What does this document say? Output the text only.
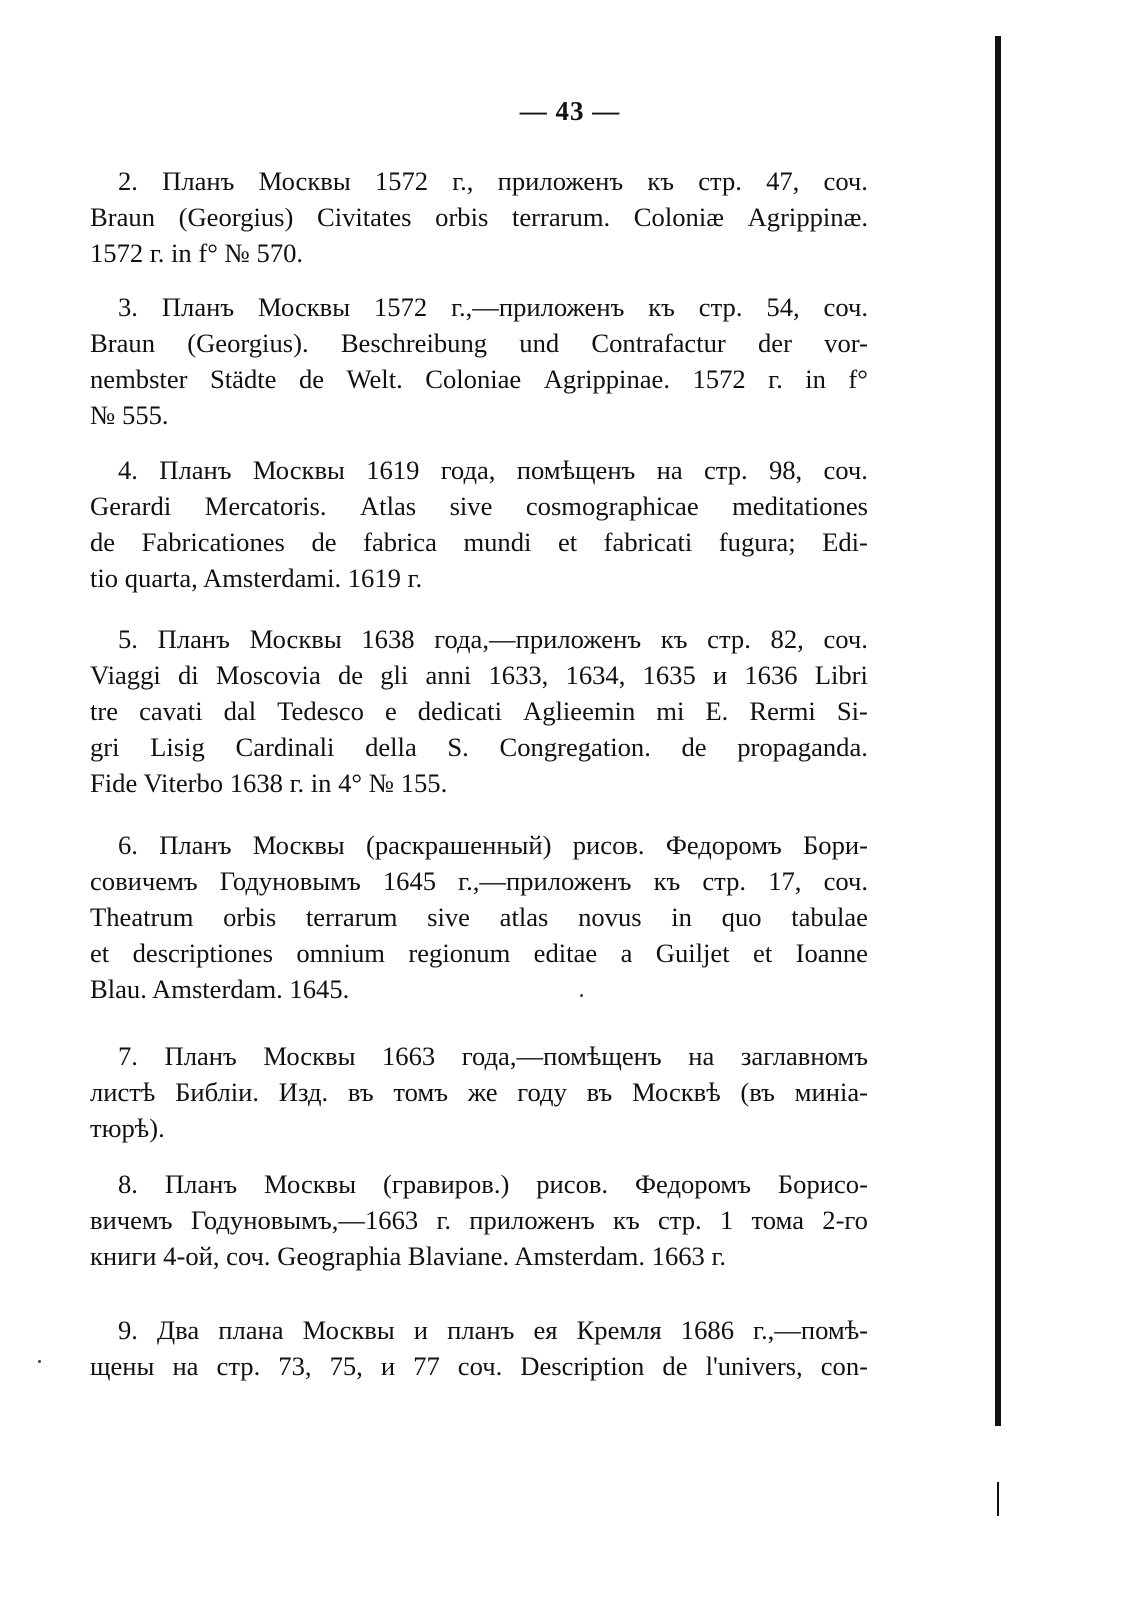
— 43 —
2. Планъ Москвы 1572 г., приложенъ къ стр. 47, соч.
Braun (Georgius) Civitates orbis terrarum. Coloniæ Agrippinæ.
1572 г. in f° № 570.
3. Планъ Москвы 1572 г.,—приложенъ къ стр. 54, соч.
Braun (Georgius). Beschreibung und Contrafactur der vor-
nembster Städte de Welt. Coloniae Agrippinae. 1572 г. in f°
№ 555.
4. Планъ Москвы 1619 года, помѣщенъ на стр. 98, соч.
Gerardi Mercatoris. Atlas sive cosmographicae meditationes
de Fabricationes de fabrica mundi et fabricati fugura; Edi-
tio quarta, Amsterdami. 1619 г.
5. Планъ Москвы 1638 года,—приложенъ къ стр. 82, соч.
Viaggi di Moscovia de gli anni 1633, 1634, 1635 и 1636 Libri
tre cavati dal Tedesco e dedicati Aglieemin mi E. Rermi Si-
gri Lisig Cardinali della S. Congregation. de propaganda.
Fide Viterbo 1638 г. in 4° № 155.
6. Планъ Москвы (раскрашенный) рисов. Федоромъ Бори-
совичемъ Годуновымъ 1645 г.,—приложенъ къ стр. 17, соч.
Theatrum orbis terrarum sive atlas novus in quo tabulae
et descriptiones omnium regionum editae a Guiljet et Ioanne
Blau. Amsterdam. 1645.
7. Планъ Москвы 1663 года,—помѣщенъ на заглавномъ
листѣ Библіи. Изд. въ томъ же году въ Москвѣ (въ миніа-
тюрѣ).
8. Планъ Москвы (гравиров.) рисов. Федоромъ Борисо-
вичемъ Годуновымъ,—1663 г. приложенъ къ стр. 1 тома 2-го
книги 4-ой, соч. Geographia Blaviane. Amsterdam. 1663 г.
9. Два плана Москвы и планъ ея Кремля 1686 г.,—помѣ-
щены на стр. 73, 75, и 77 соч. Description de l'univers, con-
